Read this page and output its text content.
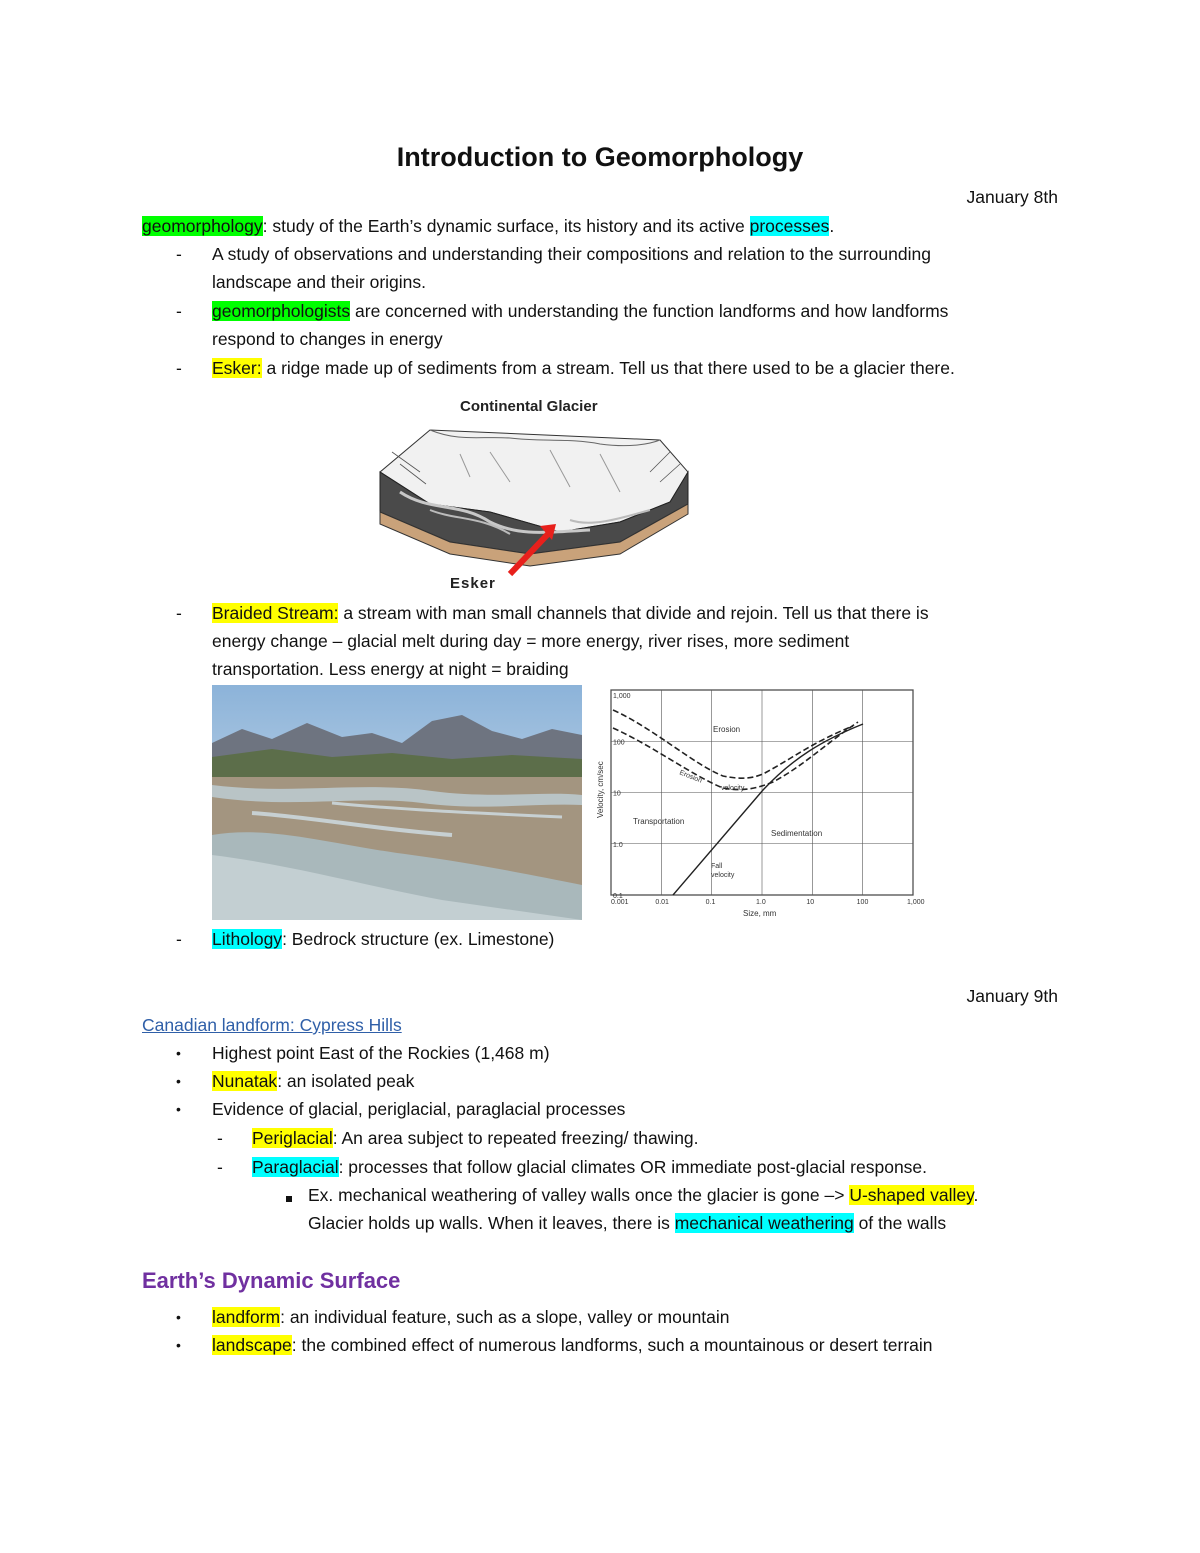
Introduction to Geomorphology
January 8th
geomorphology: study of the Earth’s dynamic surface, its history and its active processes.
- A study of observations and understanding their compositions and relation to the surrounding
landscape and their origins.
- geomorphologists are concerned with understanding the function landforms and how landforms
respond to changes in energy
- Esker: a ridge made up of sediments from a stream. Tell us that there used to be a glacier there.
Continental Glacier
Esker
- Braided Stream: a stream with man small channels that divide and rejoin. Tell us that there is
energy change – glacial melt during day = more energy, river rises, more sediment
transportation. Less energy at night = braiding
1,000
100
10
1.0
0.1
0.001	0.01	0.1	1.0	10	100	1,000
Velocity, cm/sec
Size, mm
Erosion
Transportation
Sedimentation
Erosion
velocity
Fall
velocity
- Lithology: Bedrock structure (ex. Limestone)
January 9th
Canadian landform: Cypress Hills
• Highest point East of the Rockies (1,468 m)
• Nunatak: an isolated peak
• Evidence of glacial, periglacial, paraglacial processes
- Periglacial: An area subject to repeated freezing/ thawing.
- Paraglacial: processes that follow glacial climates OR immediate post-glacial response.
Ex. mechanical weathering of valley walls once the glacier is gone –> U-shaped valley.
Glacier holds up walls. When it leaves, there is mechanical weathering of the walls
Earth’s Dynamic Surface
• landform: an individual feature, such as a slope, valley or mountain
• landscape: the combined effect of numerous landforms, such a mountainous or desert terrain
